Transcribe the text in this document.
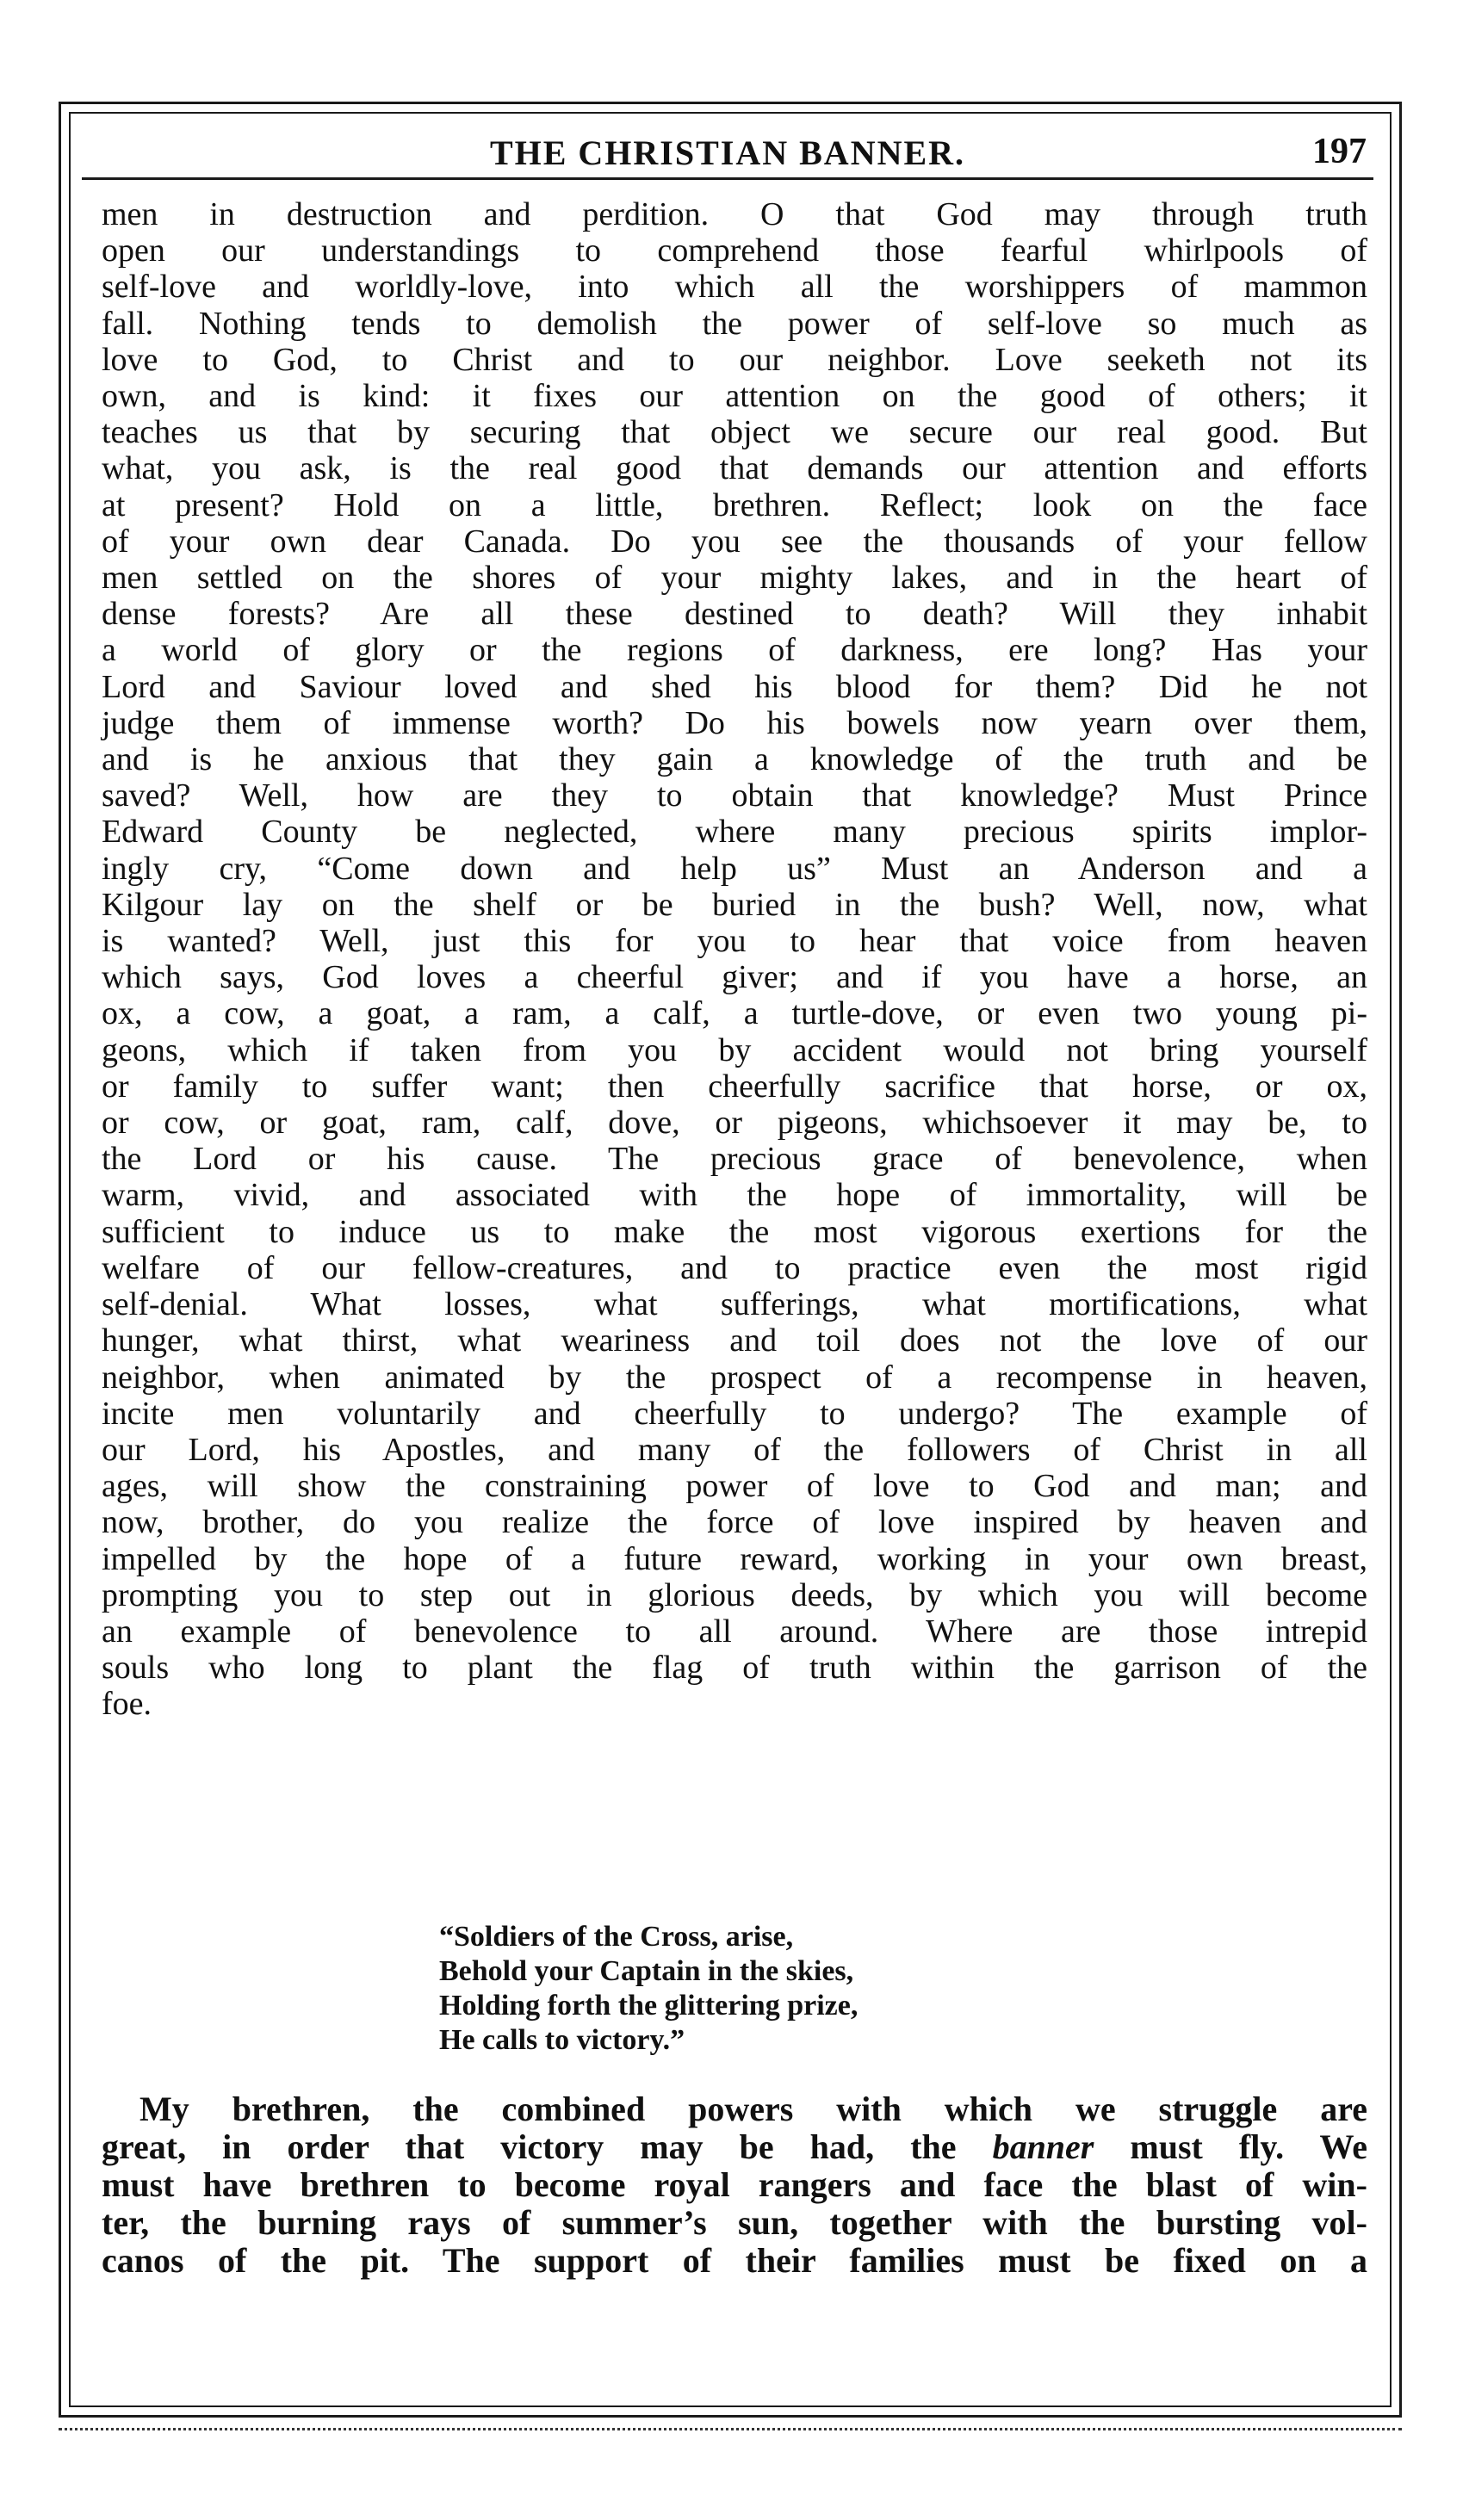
THE CHRISTIAN BANNER.	197
men in destruction and perdition. O that God may through truth
open our understandings to comprehend those fearful whirlpools of
self-love and worldly-love, into which all the worshippers of mammon
fall. Nothing tends to demolish the power of self-love so much as
love to God, to Christ and to our neighbor. Love seeketh not its
own, and is kind: it fixes our attention on the good of others; it
teaches us that by securing that object we secure our real good. But
what, you ask, is the real good that demands our attention and efforts
at present? Hold on a little, brethren. Reflect; look on the face
of your own dear Canada. Do you see the thousands of your fellow
men settled on the shores of your mighty lakes, and in the heart of
dense forests? Are all these destined to death? Will they inhabit
a world of glory or the regions of darkness, ere long? Has your
Lord and Saviour loved and shed his blood for them? Did he not
judge them of immense worth? Do his bowels now yearn over them,
and is he anxious that they gain a knowledge of the truth and be
saved? Well, how are they to obtain that knowledge? Must Prince
Edward County be neglected, where many precious spirits implor-
ingly cry, “Come down and help us” Must an Anderson and a
Kilgour lay on the shelf or be buried in the bush? Well, now, what
is wanted? Well, just this for you to hear that voice from heaven
which says, God loves a cheerful giver; and if you have a horse, an
ox, a cow, a goat, a ram, a calf, a turtle-dove, or even two young pi-
geons, which if taken from you by accident would not bring yourself
or family to suffer want; then cheerfully sacrifice that horse, or ox,
or cow, or goat, ram, calf, dove, or pigeons, whichsoever it may be, to
the Lord or his cause. The precious grace of benevolence, when
warm, vivid, and associated with the hope of immortality, will be
sufficient to induce us to make the most vigorous exertions for the
welfare of our fellow-creatures, and to practice even the most rigid
self-denial. What losses, what sufferings, what mortifications, what
hunger, what thirst, what weariness and toil does not the love of our
neighbor, when animated by the prospect of a recompense in heaven,
incite men voluntarily and cheerfully to undergo? The example of
our Lord, his Apostles, and many of the followers of Christ in all
ages, will show the constraining power of love to God and man; and
now, brother, do you realize the force of love inspired by heaven and
impelled by the hope of a future reward, working in your own breast,
prompting you to step out in glorious deeds, by which you will become
an example of benevolence to all around. Where are those intrepid
souls who long to plant the flag of truth within the garrison of the
foe.
“Soldiers of the Cross, arise,
Behold your Captain in the skies,
Holding forth the glittering prize,
He calls to victory.”
My brethren, the combined powers with which we struggle are
great, in order that victory may be had, the banner must fly. We
must have brethren to become royal rangers and face the blast of win-
ter, the burning rays of summer’s sun, together with the bursting vol-
canos of the pit. The support of their families must be fixed on a
